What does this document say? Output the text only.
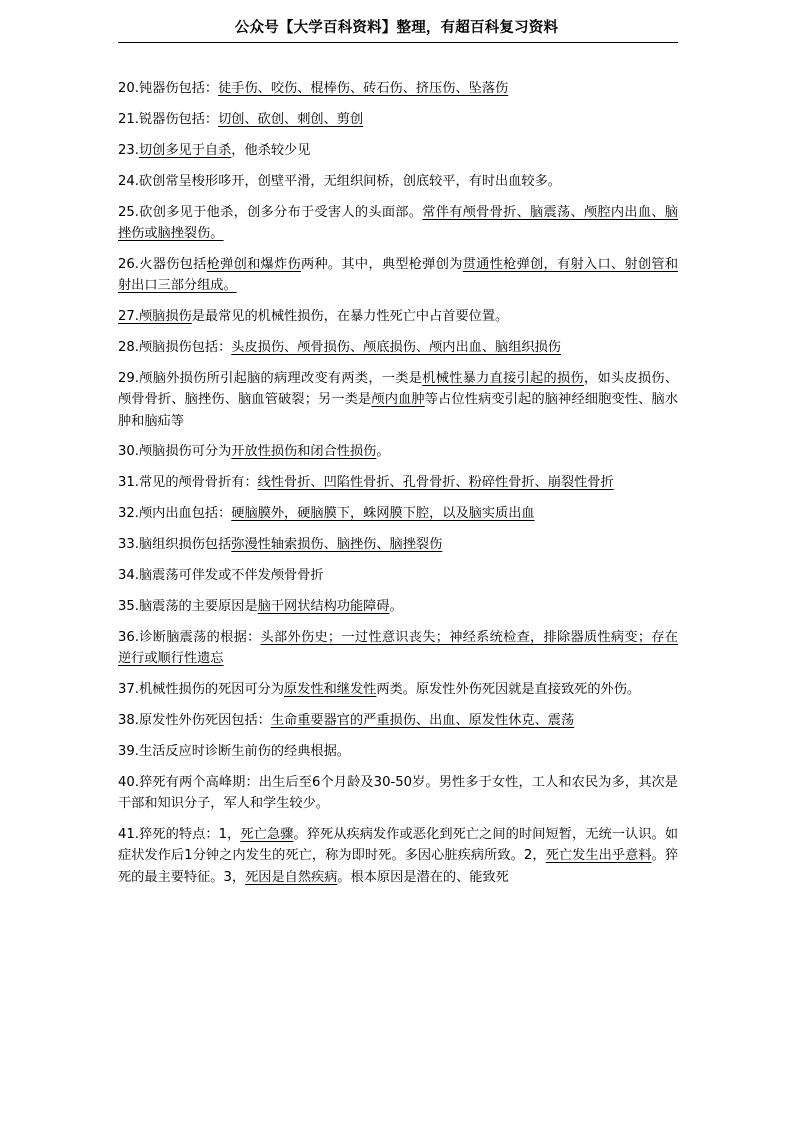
公众号【大学百科资料】整理，有超百科复习资料

20.钝器伤包括：徒手伤、咬伤、棍棒伤、砖石伤、挤压伤、坠落伤

21.锐器伤包括：切创、砍创、刺创、剪创

23.切创多见于自杀，他杀较少见

24.砍创常呈梭形哆开，创壁平滑，无组织间桥，创底较平，有时出血较多。

25.砍创多见于他杀，创多分布于受害人的头面部。常伴有颅骨骨折、脑震荡、颅腔内出血、脑挫伤或脑挫裂伤。

26.火器伤包括枪弹创和爆炸伤两种。其中，典型枪弹创为贯通性枪弹创，有射入口、射创管和射出口三部分组成。

27.颅脑损伤是最常见的机械性损伤，在暴力性死亡中占首要位置。

28.颅脑损伤包括：头皮损伤、颅骨损伤、颅底损伤、颅内出血、脑组织损伤

29.颅脑外损伤所引起脑的病理改变有两类，一类是机械性暴力直接引起的损伤，如头皮损伤、颅骨骨折、脑挫伤、脑血管破裂；另一类是颅内血肿等占位性病变引起的脑神经细胞变性、脑水肿和脑疝等

30.颅脑损伤可分为开放性损伤和闭合性损伤。

31.常见的颅骨骨折有：线性骨折、凹陷性骨折、孔骨骨折、粉碎性骨折、崩裂性骨折

32.颅内出血包括：硬脑膜外，硬脑膜下，蛛网膜下腔，以及脑实质出血

33.脑组织损伤包括弥漫性轴索损伤、脑挫伤、脑挫裂伤

34.脑震荡可伴发或不伴发颅骨骨折

35.脑震荡的主要原因是脑干网状结构功能障碍。

36.诊断脑震荡的根据：头部外伤史；一过性意识丧失；神经系统检查，排除器质性病变；存在逆行或顺行性遗忘

37.机械性损伤的死因可分为原发性和继发性两类。原发性外伤死因就是直接致死的外伤。

38.原发性外伤死因包括：生命重要器官的严重损伤、出血、原发性休克、震荡

39.生活反应时诊断生前伤的经典根据。

40.猝死有两个高峰期：出生后至6个月龄及30-50岁。男性多于女性，工人和农民为多，其次是干部和知识分子，军人和学生较少。

41.猝死的特点：1，死亡急骤。猝死从疾病发作或恶化到死亡之间的时间短暂，无统一认识。如症状发作后1分钟之内发生的死亡，称为即时死。多因心脏疾病所致。2，死亡发生出乎意料。猝死的最主要特征。3，死因是自然疾病。根本原因是潜在的、能致死
